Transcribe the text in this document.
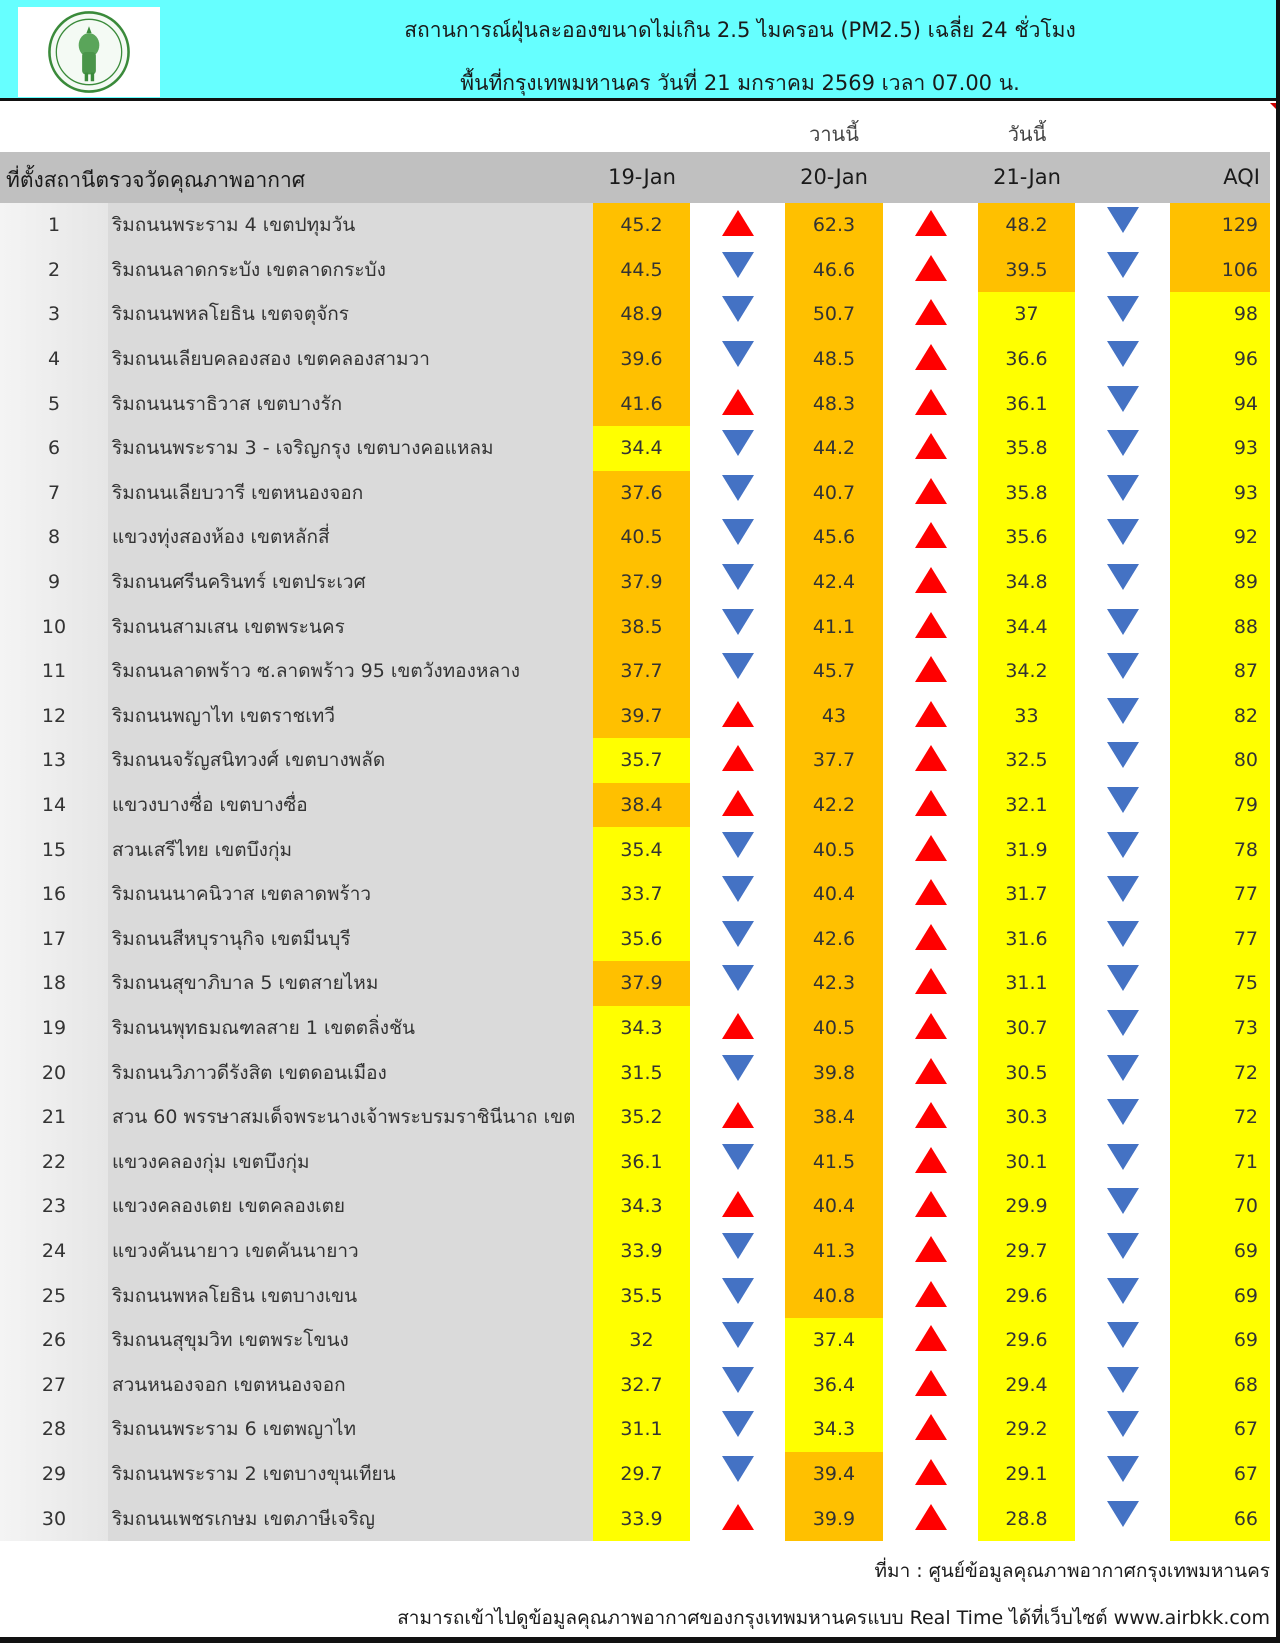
สถานการณ์ฝุ่นละอองขนาดไม่เกิน 2.5 ไมครอน (PM2.5) เฉลี่ย 24 ชั่วโมง
พื้นที่กรุงเทพมหานคร วันที่ 21 มกราคม 2569 เวลา 07.00 น.
วานนี้	วันนี้
ที่ตั้งสถานีตรวจวัดคุณภาพอากาศ	19-Jan	20-Jan	21-Jan	AQI
1	ริมถนนพระราม 4 เขตปทุมวัน	45.2	62.3	48.2	129
2	ริมถนนลาดกระบัง เขตลาดกระบัง	44.5	46.6	39.5	106
3	ริมถนนพหลโยธิน เขตจตุจักร	48.9	50.7	37	98
4	ริมถนนเลียบคลองสอง เขตคลองสามวา	39.6	48.5	36.6	96
5	ริมถนนนราธิวาส เขตบางรัก	41.6	48.3	36.1	94
6	ริมถนนพระราม 3 - เจริญกรุง เขตบางคอแหลม	34.4	44.2	35.8	93
7	ริมถนนเลียบวารี เขตหนองจอก	37.6	40.7	35.8	93
8	แขวงทุ่งสองห้อง เขตหลักสี่	40.5	45.6	35.6	92
9	ริมถนนศรีนครินทร์ เขตประเวศ	37.9	42.4	34.8	89
10	ริมถนนสามเสน เขตพระนคร	38.5	41.1	34.4	88
11	ริมถนนลาดพร้าว ซ.ลาดพร้าว 95 เขตวังทองหลาง	37.7	45.7	34.2	87
12	ริมถนนพญาไท เขตราชเทวี	39.7	43	33	82
13	ริมถนนจรัญสนิทวงศ์ เขตบางพลัด	35.7	37.7	32.5	80
14	แขวงบางซื่อ เขตบางซื่อ	38.4	42.2	32.1	79
15	สวนเสรีไทย เขตบึงกุ่ม	35.4	40.5	31.9	78
16	ริมถนนนาคนิวาส เขตลาดพร้าว	33.7	40.4	31.7	77
17	ริมถนนสีหบุรานุกิจ เขตมีนบุรี	35.6	42.6	31.6	77
18	ริมถนนสุขาภิบาล 5 เขตสายไหม	37.9	42.3	31.1	75
19	ริมถนนพุทธมณฑลสาย 1 เขตตลิ่งชัน	34.3	40.5	30.7	73
20	ริมถนนวิภาวดีรังสิต เขตดอนเมือง	31.5	39.8	30.5	72
21	สวน 60 พรรษาสมเด็จพระนางเจ้าพระบรมราชินีนาถ เขต	35.2	38.4	30.3	72
22	แขวงคลองกุ่ม เขตบึงกุ่ม	36.1	41.5	30.1	71
23	แขวงคลองเตย เขตคลองเตย	34.3	40.4	29.9	70
24	แขวงคันนายาว เขตคันนายาว	33.9	41.3	29.7	69
25	ริมถนนพหลโยธิน เขตบางเขน	35.5	40.8	29.6	69
26	ริมถนนสุขุมวิท เขตพระโขนง	32	37.4	29.6	69
27	สวนหนองจอก เขตหนองจอก	32.7	36.4	29.4	68
28	ริมถนนพระราม 6 เขตพญาไท	31.1	34.3	29.2	67
29	ริมถนนพระราม 2 เขตบางขุนเทียน	29.7	39.4	29.1	67
30	ริมถนนเพชรเกษม เขตภาษีเจริญ	33.9	39.9	28.8	66
ที่มา : ศูนย์ข้อมูลคุณภาพอากาศกรุงเทพมหานคร
สามารถเข้าไปดูข้อมูลคุณภาพอากาศของกรุงเทพมหานครแบบ Real Time ได้ที่เว็บไซต์ www.airbkk.com
